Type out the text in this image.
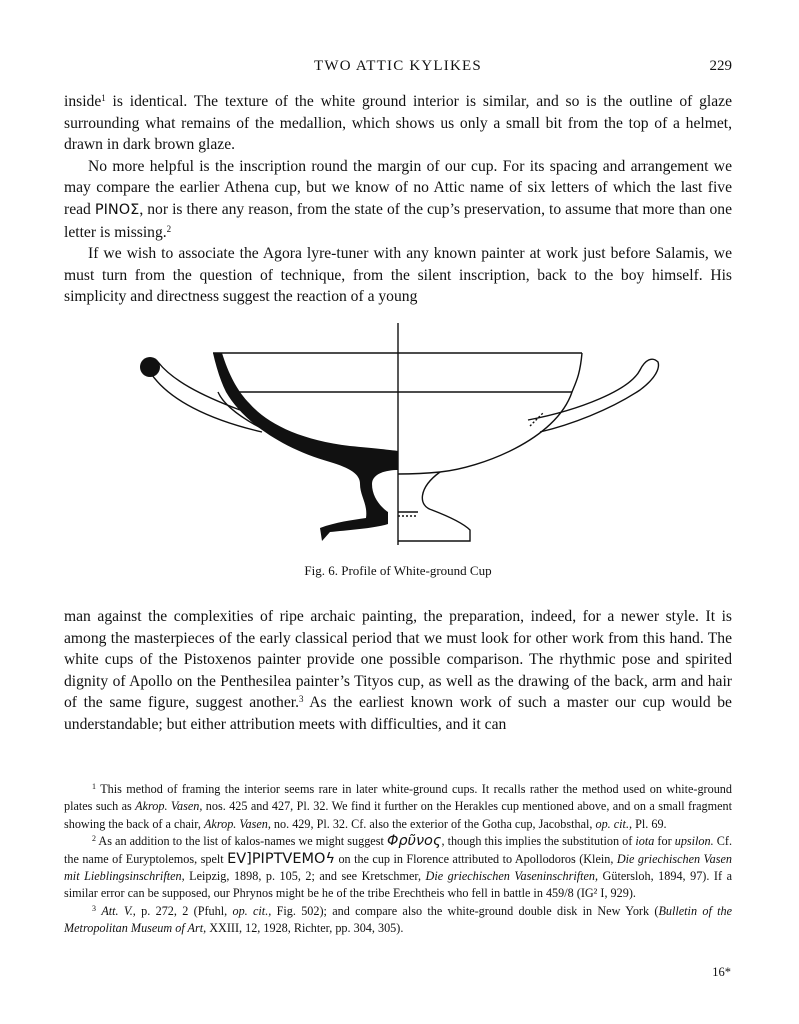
TWO ATTIC KYLIKES	229

inside$^1$ is identical. The texture of the white ground interior is similar, and so is the outline of glaze surrounding what remains of the medallion, which shows us only a small bit from the top of a helmet, drawn in dark brown glaze.

No more helpful is the inscription round the margin of our cup. For its spacing and arrangement we may compare the earlier Athena cup, but we know of no Attic name of six letters of which the last five read ΡΙΝΟΣ, nor is there any reason, from the state of the cup’s preservation, to assume that more than one letter is missing.$^2$

If we wish to associate the Agora lyre-tuner with any known painter at work just before Salamis, we must turn from the question of technique, from the silent inscription, back to the boy himself. His simplicity and directness suggest the reaction of a young

Fig. 6. Profile of White-ground Cup

man against the complexities of ripe archaic painting, the preparation, indeed, for a newer style. It is among the masterpieces of the early classical period that we must look for other work from this hand. The white cups of the Pistoxenos painter provide one possible comparison. The rhythmic pose and spirited dignity of Apollo on the Penthesilea painter’s Tityos cup, as well as the drawing of the back, arm and hair of the same figure, suggest another.$^3$ As the earliest known work of such a master our cup would be understandable; but either attribution meets with difficulties, and it can

$^1$ This method of framing the interior seems rare in later white-ground cups. It recalls rather the method used on white-ground plates such as Akrop. Vasen, nos. 425 and 427, Pl. 32. We find it further on the Herakles cup mentioned above, and on a small fragment showing the back of a chair, Akrop. Vasen, no. 429, Pl. 32. Cf. also the exterior of the Gotha cup, Jacobsthal, op. cit., Pl. 69.

$^2$ As an addition to the list of kalos-names we might suggest Φρῦνος, though this implies the substitution of iota for upsilon. Cf. the name of Euryptolemos, spelt EV]ΡΙΡΤVΕΜΟϟ on the cup in Florence attributed to Apollodoros (Klein, Die griechischen Vasen mit Lieblingsinschriften, Leipzig, 1898, p. 105, 2; and see Kretschmer, Die griechischen Vaseninschriften, Gütersloh, 1894, 97). If a similar error can be supposed, our Phrynos might be he of the tribe Erechtheis who fell in battle in 459/8 (IG² I, 929).

$^3$ Att. V., p. 272, 2 (Pfuhl, op. cit., Fig. 502); and compare also the white-ground double disk in New York (Bulletin of the Metropolitan Museum of Art, XXIII, 12, 1928, Richter, pp. 304, 305).

16*
